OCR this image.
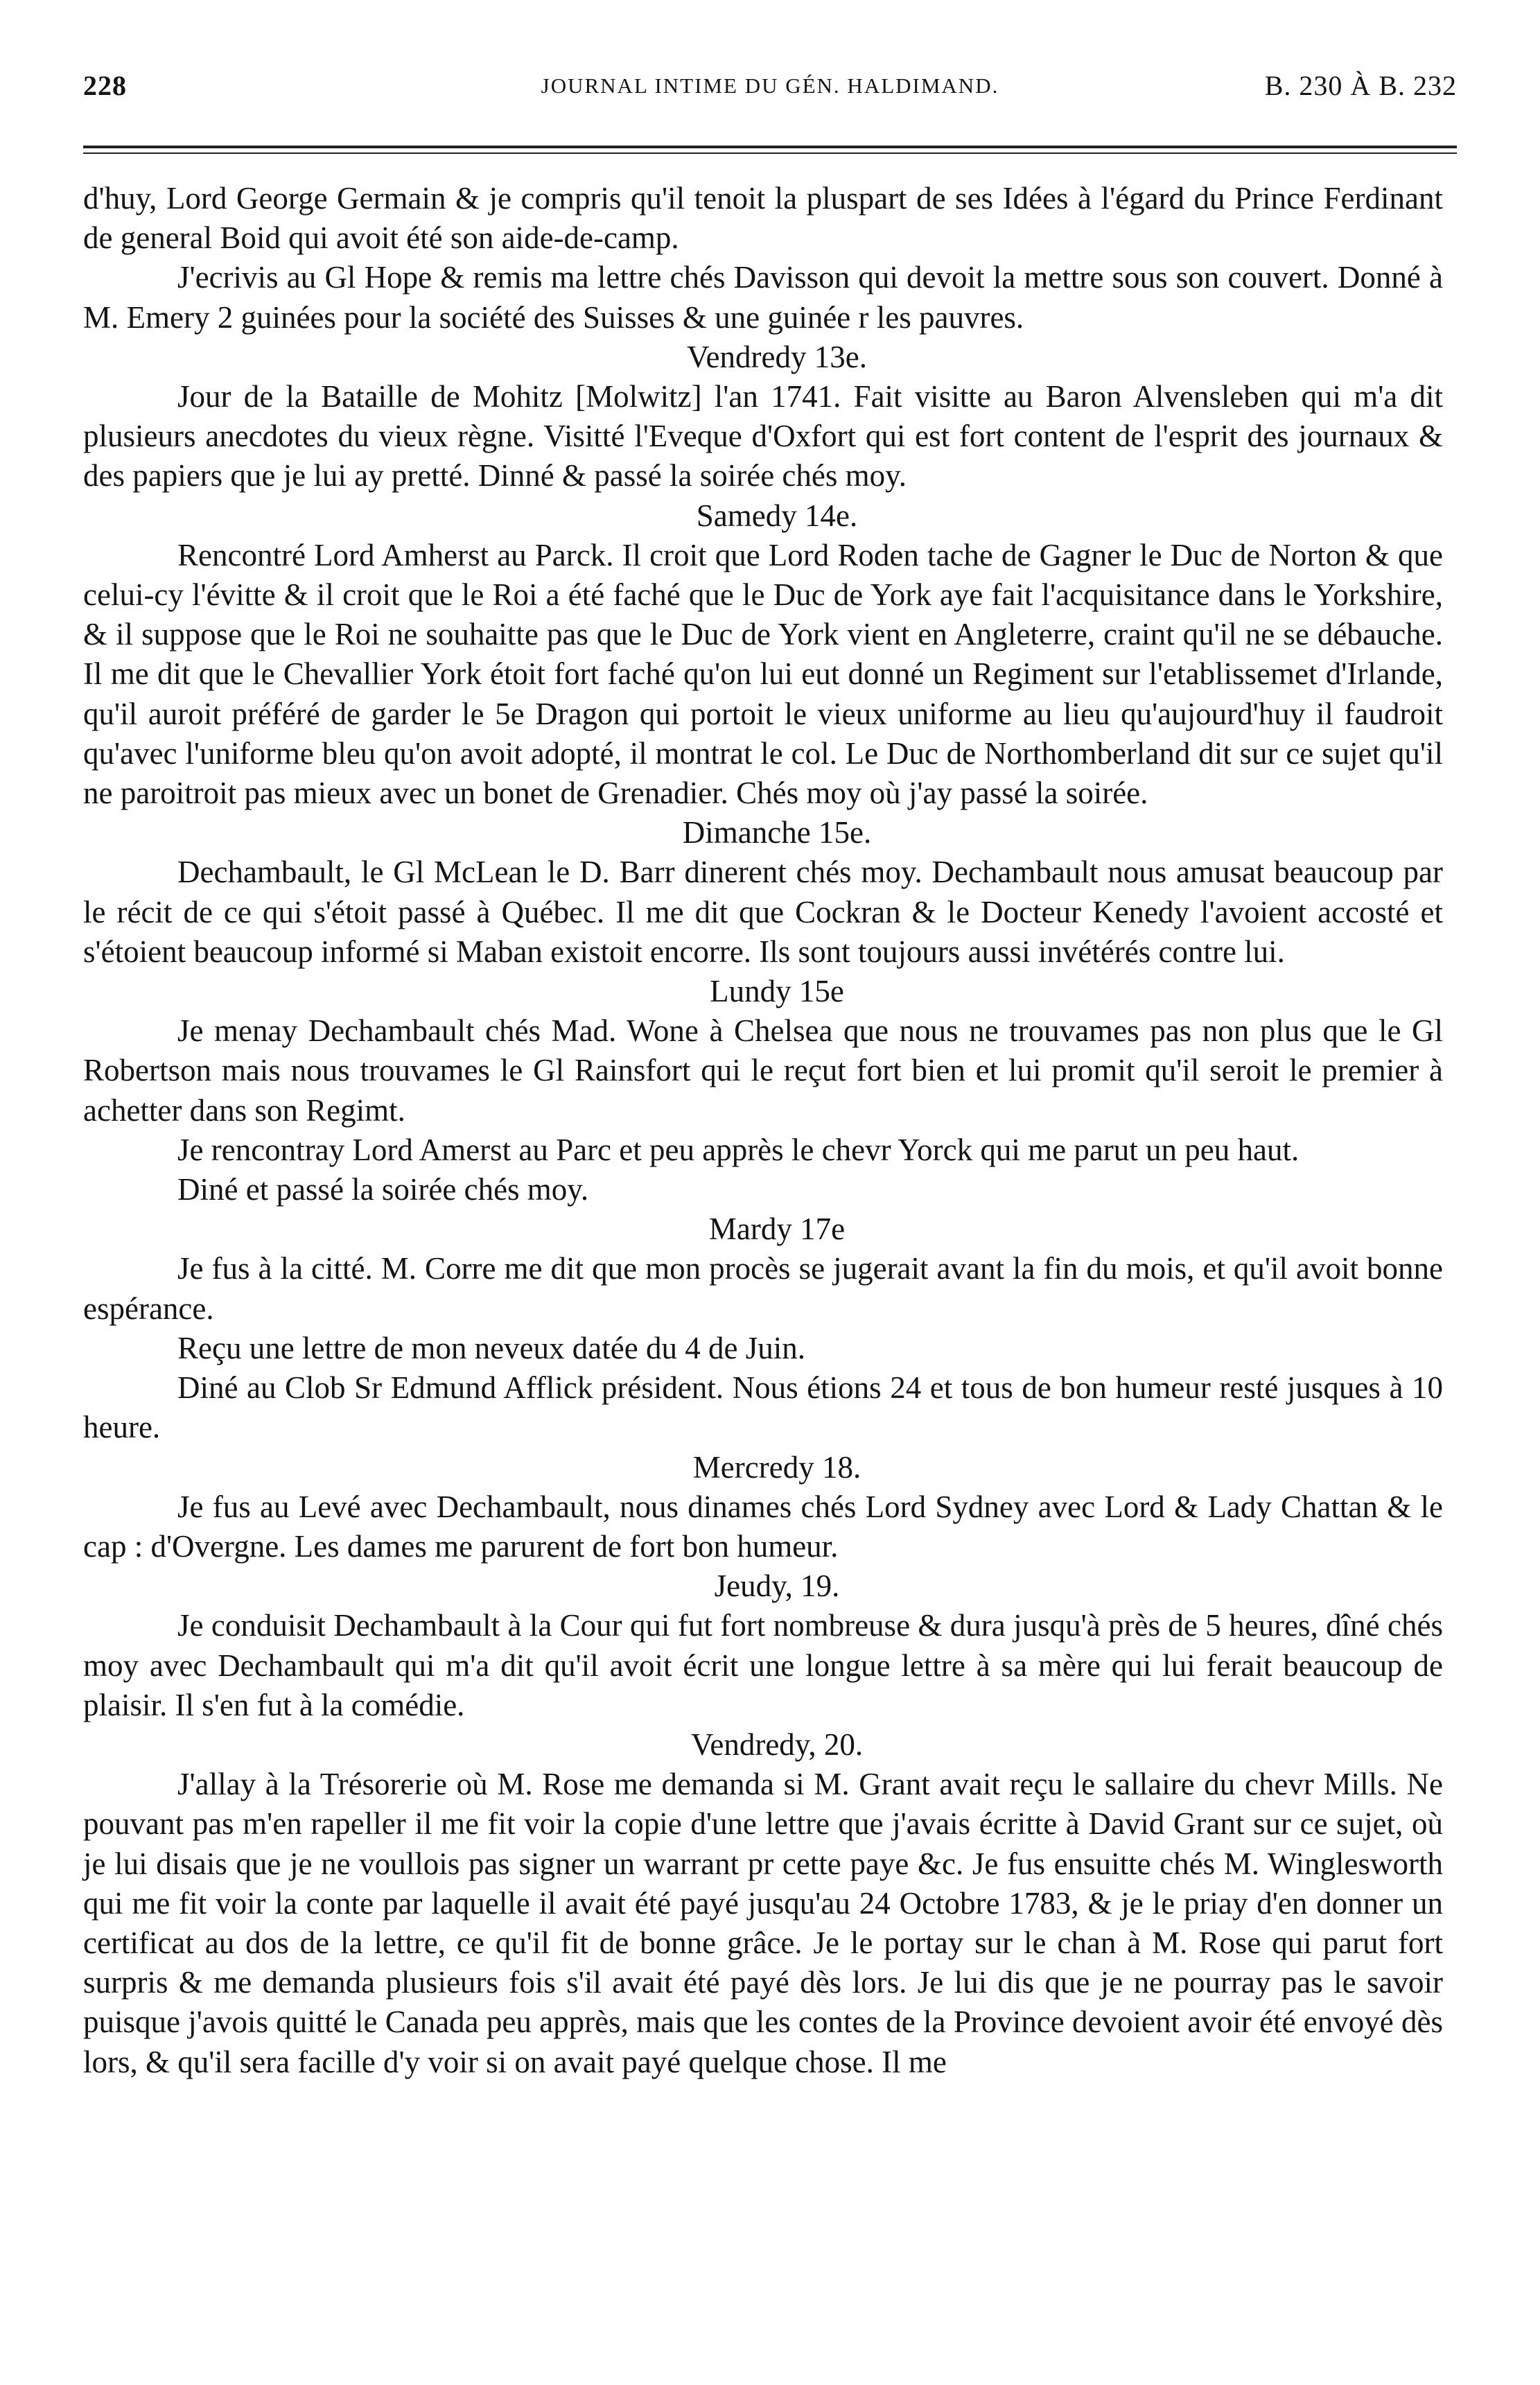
228	JOURNAL INTIME DU GÉN. HALDIMAND.	B. 230 À B. 232

d'huy, Lord George Germain & je compris qu'il tenoit la pluspart de ses Idées à l'égard du Prince Ferdinant de general Boid qui avoit été son aide-de-camp.

J'ecrivis au Gl Hope & remis ma lettre chés Davisson qui devoit la mettre sous son couvert. Donné à M. Emery 2 guinées pour la société des Suisses & une guinée r les pauvres.

Vendredy 13e.

Jour de la Bataille de Mohitz [Molwitz] l'an 1741. Fait visitte au Baron Alvensleben qui m'a dit plusieurs anecdotes du vieux règne. Visitté l'Eveque d'Oxfort qui est fort content de l'esprit des journaux & des papiers que je lui ay pretté. Dinné & passé la soirée chés moy.

Samedy 14e.

Rencontré Lord Amherst au Parck. Il croit que Lord Roden tache de Gagner le Duc de Norton & que celui-cy l'évitte & il croit que le Roi a été faché que le Duc de York aye fait l'acquisitance dans le Yorkshire, & il suppose que le Roi ne souhaitte pas que le Duc de York vient en Angleterre, craint qu'il ne se débauche. Il me dit que le Chevallier York étoit fort faché qu'on lui eut donné un Regiment sur l'etablissemet d'Irlande, qu'il auroit préféré de garder le 5e Dragon qui portoit le vieux uniforme au lieu qu'aujourd'huy il faudroit qu'avec l'uniforme bleu qu'on avoit adopté, il montrat le col. Le Duc de Northomberland dit sur ce sujet qu'il ne paroitroit pas mieux avec un bonet de Grenadier. Chés moy où j'ay passé la soirée.

Dimanche 15e.

Dechambault, le Gl McLean le D. Barr dinerent chés moy. Dechambault nous amusat beaucoup par le récit de ce qui s'étoit passé à Québec. Il me dit que Cockran & le Docteur Kenedy l'avoient accosté et s'étoient beaucoup informé si Maban existoit encorre. Ils sont toujours aussi invétérés contre lui.

Lundy 15e

Je menay Dechambault chés Mad. Wone à Chelsea que nous ne trouvames pas non plus que le Gl Robertson mais nous trouvames le Gl Rainsfort qui le reçut fort bien et lui promit qu'il seroit le premier à achetter dans son Regimt.

Je rencontray Lord Amerst au Parc et peu apprès le chevr Yorck qui me parut un peu haut.

Diné et passé la soirée chés moy.

Mardy 17e

Je fus à la citté. M. Corre me dit que mon procès se jugerait avant la fin du mois, et qu'il avoit bonne espérance.

Reçu une lettre de mon neveux datée du 4 de Juin.

Diné au Clob Sr Edmund Afflick président. Nous étions 24 et tous de bon humeur resté jusques à 10 heure.

Mercredy 18.

Je fus au Levé avec Dechambault, nous dinames chés Lord Sydney avec Lord & Lady Chattan & le cap : d'Overgne. Les dames me parurent de fort bon humeur.

Jeudy, 19.

Je conduisit Dechambault à la Cour qui fut fort nombreuse & dura jusqu'à près de 5 heures, dîné chés moy avec Dechambault qui m'a dit qu'il avoit écrit une longue lettre à sa mère qui lui ferait beaucoup de plaisir. Il s'en fut à la comédie.

Vendredy, 20.

J'allay à la Trésorerie où M. Rose me demanda si M. Grant avait reçu le sallaire du chevr Mills. Ne pouvant pas m'en rapeller il me fit voir la copie d'une lettre que j'avais écritte à David Grant sur ce sujet, où je lui disais que je ne voullois pas signer un warrant pr cette paye &c. Je fus ensuitte chés M. Winglesworth qui me fit voir la conte par laquelle il avait été payé jusqu'au 24 Octobre 1783, & je le priay d'en donner un certificat au dos de la lettre, ce qu'il fit de bonne grâce. Je le portay sur le chan à M. Rose qui parut fort surpris & me demanda plusieurs fois s'il avait été payé dès lors. Je lui dis que je ne pourray pas le savoir puisque j'avois quitté le Canada peu apprès, mais que les contes de la Province devoient avoir été envoyé dès lors, & qu'il sera facille d'y voir si on avait payé quelque chose. Il me
